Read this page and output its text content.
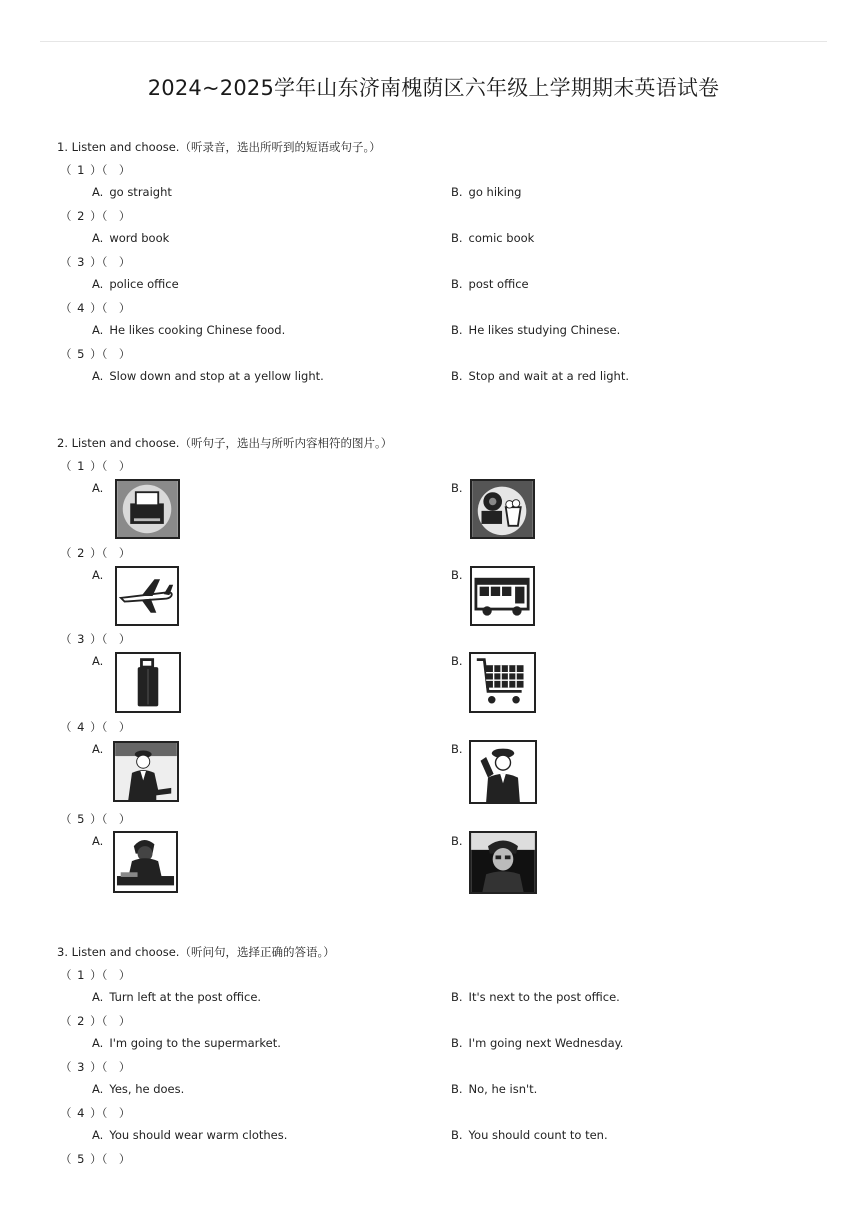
2024~2025学年山东济南槐荫区六年级上学期期末英语试卷
1. Listen and choose.（听录音，选出所听到的短语或句子。）
（ 1 ）（　）
A. go straight	B. go hiking
（ 2 ）（　）
A. word book	B. comic book
（ 3 ）（　）
A. police office	B. post office
（ 4 ）（　）
A. He likes cooking Chinese food.	B. He likes studying Chinese.
（ 5 ）（　）
A. Slow down and stop at a yellow light.	B. Stop and wait at a red light.
2. Listen and choose.（听句子，选出与所听内容相符的图片。）
（ 1 ）（　）
A.	B.
（ 2 ）（　）
A.	B.
（ 3 ）（　）
A.	B.
（ 4 ）（　）
A.	B.
（ 5 ）（　）
A.	B.
3. Listen and choose.（听问句，选择正确的答语。）
（ 1 ）（　）
A. Turn left at the post office.	B. It's next to the post office.
（ 2 ）（　）
A. I'm going to the supermarket.	B. I'm going next Wednesday.
（ 3 ）（　）
A. Yes, he does.	B. No, he isn't.
（ 4 ）（　）
A. You should wear warm clothes.	B. You should count to ten.
（ 5 ）（　）
